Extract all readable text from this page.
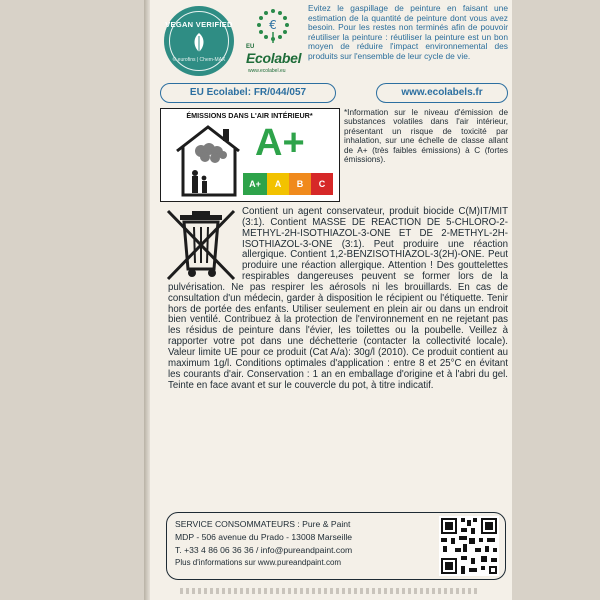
VEGAN VERIFIED
© eurofins | Chem-MAX
€
EU
Ecolabel
www.ecolabel.eu
Evitez le gaspillage de peinture en faisant une estimation de la quantité de peinture dont vous avez besoin. Pour les restes non terminés afin de pouvoir réutiliser la peinture : réutiliser la peinture est un bon moyen de réduire l'impact environnemental des produits sur l'ensemble de leur cycle de vie.
EU Ecolabel: FR/044/057	www.ecolabels.fr
ÉMISSIONS DANS L'AIR INTÉRIEUR*
A+
A+	A	B	C
*Information sur le niveau d'émission de substances volatiles dans l'air intérieur, présentant un risque de toxicité par inhalation, sur une échelle de classe allant de A+ (très faibles émissions) à C (fortes émissions).
Contient un agent conservateur, produit biocide C(M)IT/MIT (3:1). Contient MASSE DE REACTION DE 5-CHLORO-2-METHYL-2H-ISOTHIAZOL-3-ONE ET DE 2-METHYL-2H-ISOTHIAZOL-3-ONE (3:1). Peut produire une réaction allergique. Contient 1,2-BENZISOTHIAZOL-3(2H)-ONE. Peut produire une réaction allergique. Attention ! Des gouttelettes respirables dangereuses peuvent se former lors de la pulvérisation. Ne pas respirer les aérosols ni les brouillards. En cas de consultation d'un médecin, garder à disposition le récipient ou l'étiquette. Tenir hors de portée des enfants. Utiliser seulement en plein air ou dans un endroit bien ventilé. Contribuez à la protection de l'environnement en ne rejetant pas les résidus de peinture dans l'évier, les toilettes ou la poubelle. Veillez à rapporter votre pot dans une déchetterie (contacter la collectivité locale). Valeur limite UE pour ce produit (Cat A/a): 30g/l (2010). Ce produit contient au maximum 1g/l. Conditions optimales d'application : entre 8 et 25°C en évitant les courants d'air. Conservation : 1 an en emballage d'origine et à l'abri du gel. Teinte en face avant et sur le couvercle du pot, à titre indicatif.
SERVICE CONSOMMATEURS : Pure & Paint
MDP - 506 avenue du Prado - 13008 Marseille
T. +33 4 86 06 36 36 / info@pureandpaint.com
Plus d'informations sur www.pureandpaint.com
